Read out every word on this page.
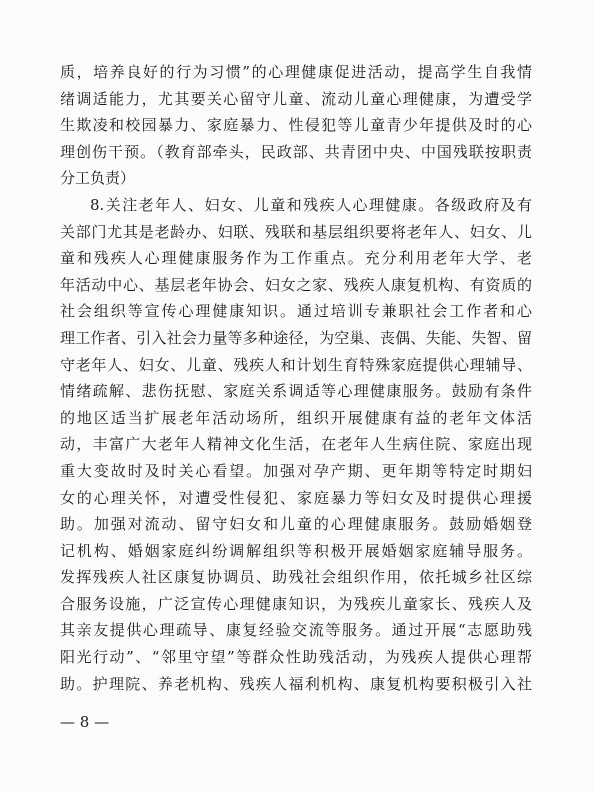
质，培养良好的行为习惯”的心理健康促进活动，提高学生自我情
绪调适能力，尤其要关心留守儿童、流动儿童心理健康，为遭受学
生欺凌和校园暴力、家庭暴力、性侵犯等儿童青少年提供及时的心
理创伤干预。（教育部牵头，民政部、共青团中央、中国残联按职责
分工负责）
8.关注老年人、妇女、儿童和残疾人心理健康。各级政府及有
关部门尤其是老龄办、妇联、残联和基层组织要将老年人、妇女、儿
童和残疾人心理健康服务作为工作重点。充分利用老年大学、老
年活动中心、基层老年协会、妇女之家、残疾人康复机构、有资质的
社会组织等宣传心理健康知识。通过培训专兼职社会工作者和心
理工作者、引入社会力量等多种途径，为空巢、丧偶、失能、失智、留
守老年人、妇女、儿童、残疾人和计划生育特殊家庭提供心理辅导、
情绪疏解、悲伤抚慰、家庭关系调适等心理健康服务。鼓励有条件
的地区适当扩展老年活动场所，组织开展健康有益的老年文体活
动，丰富广大老年人精神文化生活，在老年人生病住院、家庭出现
重大变故时及时关心看望。加强对孕产期、更年期等特定时期妇
女的心理关怀，对遭受性侵犯、家庭暴力等妇女及时提供心理援
助。加强对流动、留守妇女和儿童的心理健康服务。鼓励婚姻登
记机构、婚姻家庭纠纷调解组织等积极开展婚姻家庭辅导服务。
发挥残疾人社区康复协调员、助残社会组织作用，依托城乡社区综
合服务设施，广泛宣传心理健康知识，为残疾儿童家长、残疾人及
其亲友提供心理疏导、康复经验交流等服务。通过开展“志愿助残
阳光行动”、“邻里守望”等群众性助残活动，为残疾人提供心理帮
助。护理院、养老机构、残疾人福利机构、康复机构要积极引入社
— 8 —
